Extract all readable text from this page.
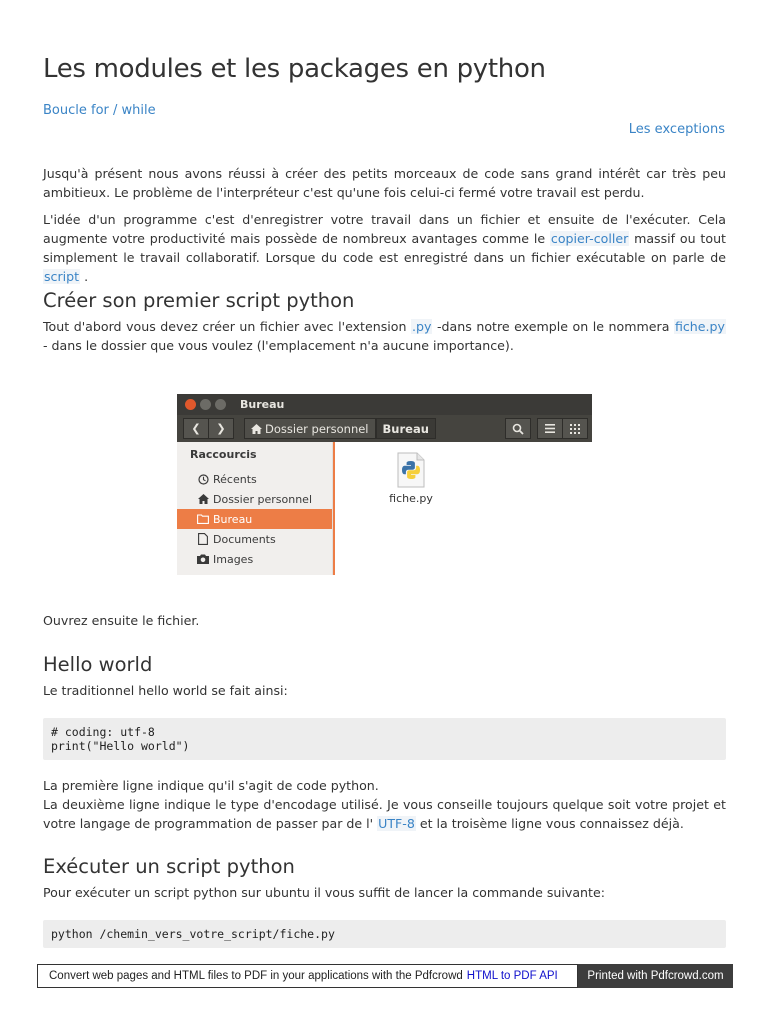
Les modules et les packages en python
Boucle for / while
Les exceptions

Jusqu'à présent nous avons réussi à créer des petits morceaux de code sans grand intérêt car très peu ambitieux. Le problème de l'interpréteur c'est qu'une fois celui-ci fermé votre travail est perdu.

L'idée d'un programme c'est d'enregistrer votre travail dans un fichier et ensuite de l'exécuter. Cela augmente votre productivité mais possède de nombreux avantages comme le copier-coller massif ou tout simplement le travail collaboratif. Lorsque du code est enregistré dans un fichier exécutable on parle de script .

Créer son premier script python

Tout d'abord vous devez créer un fichier avec l'extension .py -dans notre exemple on le nommera fiche.py - dans le dossier que vous voulez (l'emplacement n'a aucune importance).

Bureau
❮	❯	Dossier personnel	Bureau
Raccourcis
Récents
Dossier personnel
Bureau
Documents
Images
fiche.py

Ouvrez ensuite le fichier.

Hello world

Le traditionnel hello world se fait ainsi:

# coding: utf-8
print("Hello world")

La première ligne indique qu'il s'agit de code python.

La deuxième ligne indique le type d'encodage utilisé. Je vous conseille toujours quelque soit votre projet et votre langage de programmation de passer par de l' UTF-8 et la troisème ligne vous connaissez déjà.

Exécuter un script python

Pour exécuter un script python sur ubuntu il vous suffit de lancer la commande suivante:

python /chemin_vers_votre_script/fiche.py
Convert web pages and HTML files to PDF in your applications with the Pdfcrowd HTML to PDF API	Printed with Pdfcrowd.com
